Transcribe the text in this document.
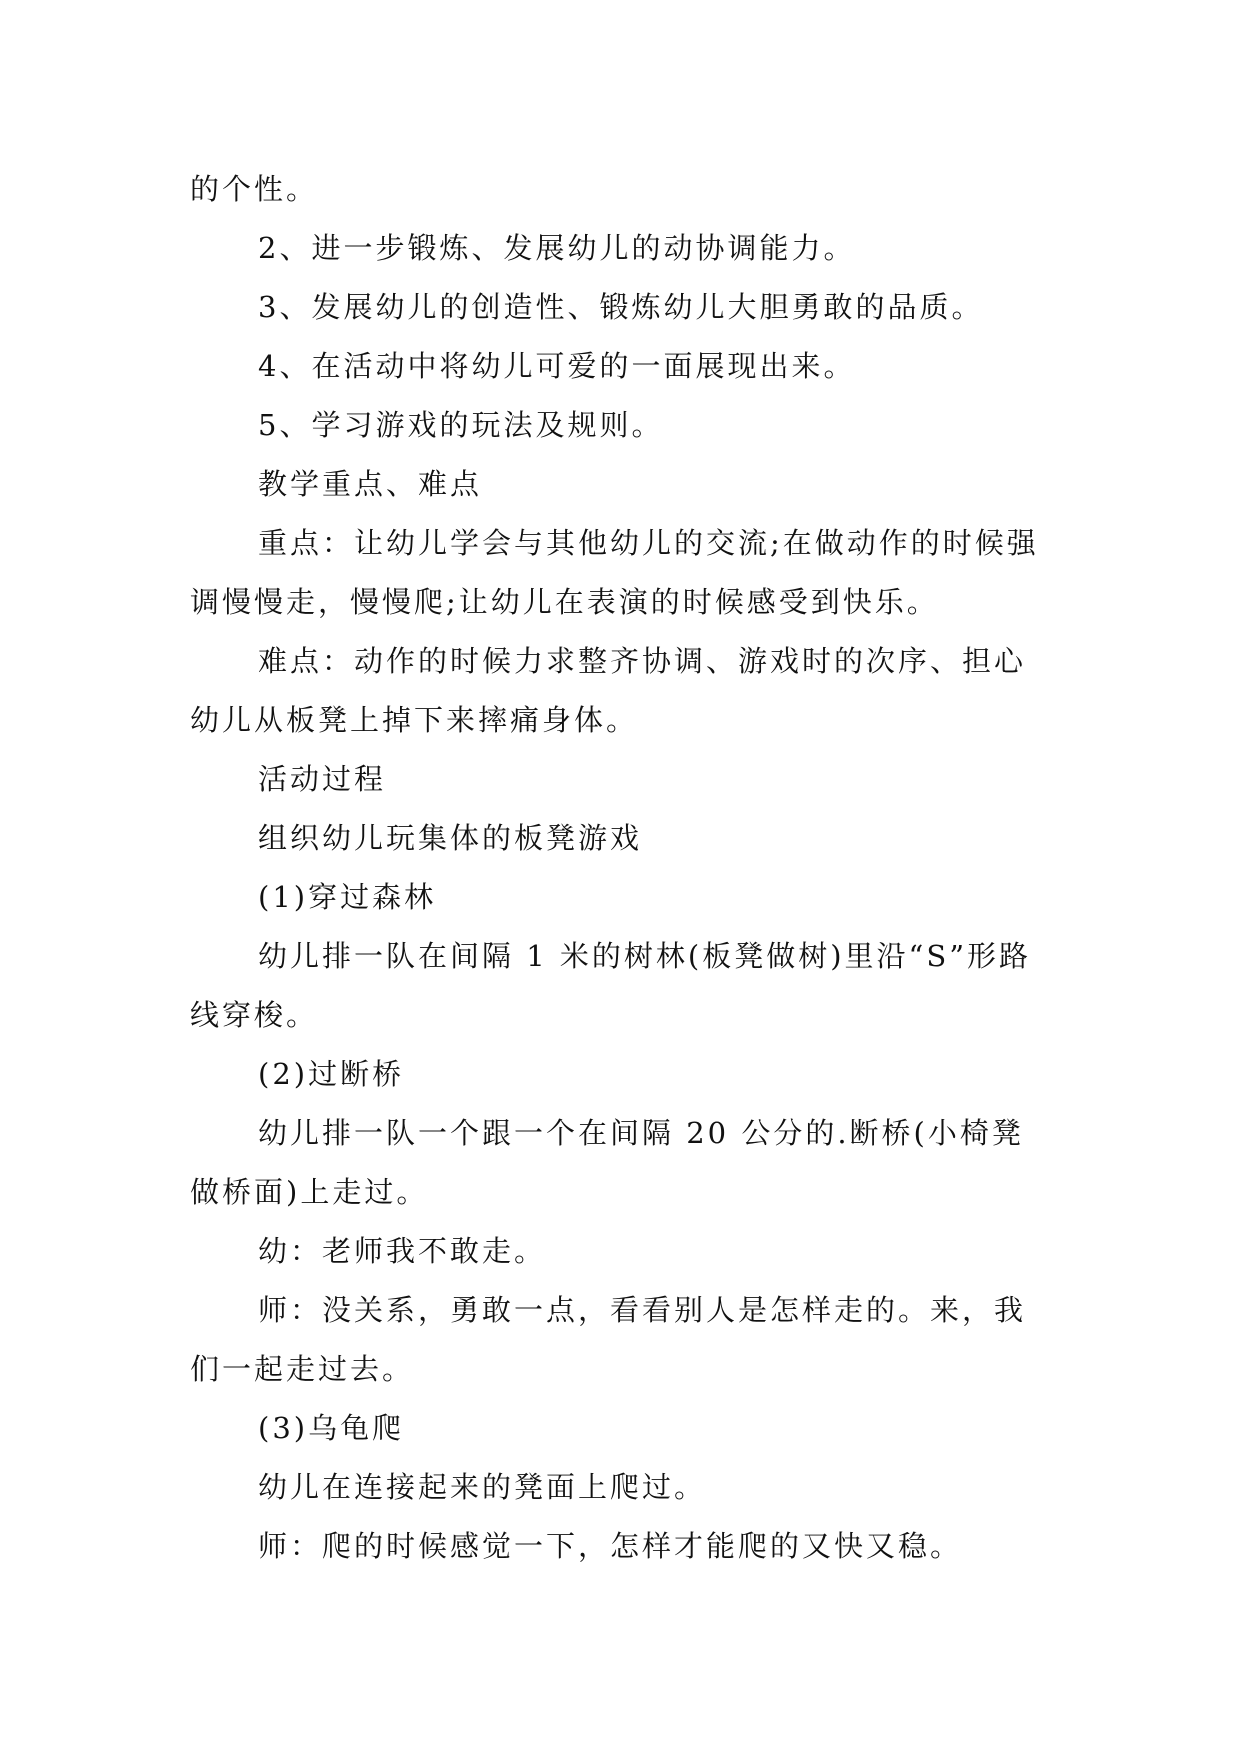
的个性。

2、进一步锻炼、发展幼儿的动协调能力。

3、发展幼儿的创造性、锻炼幼儿大胆勇敢的品质。

4、在活动中将幼儿可爱的一面展现出来。

5、学习游戏的玩法及规则。

教学重点、难点

重点：让幼儿学会与其他幼儿的交流;在做动作的时候强调慢慢走，慢慢爬;让幼儿在表演的时候感受到快乐。

难点：动作的时候力求整齐协调、游戏时的次序、担心幼儿从板凳上掉下来摔痛身体。

活动过程

组织幼儿玩集体的板凳游戏

(1)穿过森林

幼儿排一队在间隔 1 米的树林(板凳做树)里沿“S”形路线穿梭。

(2)过断桥

幼儿排一队一个跟一个在间隔 20 公分的.断桥(小椅凳做桥面)上走过。

幼：老师我不敢走。

师：没关系，勇敢一点，看看别人是怎样走的。来，我们一起走过去。

(3)乌龟爬

幼儿在连接起来的凳面上爬过。

师：爬的时候感觉一下，怎样才能爬的又快又稳。
